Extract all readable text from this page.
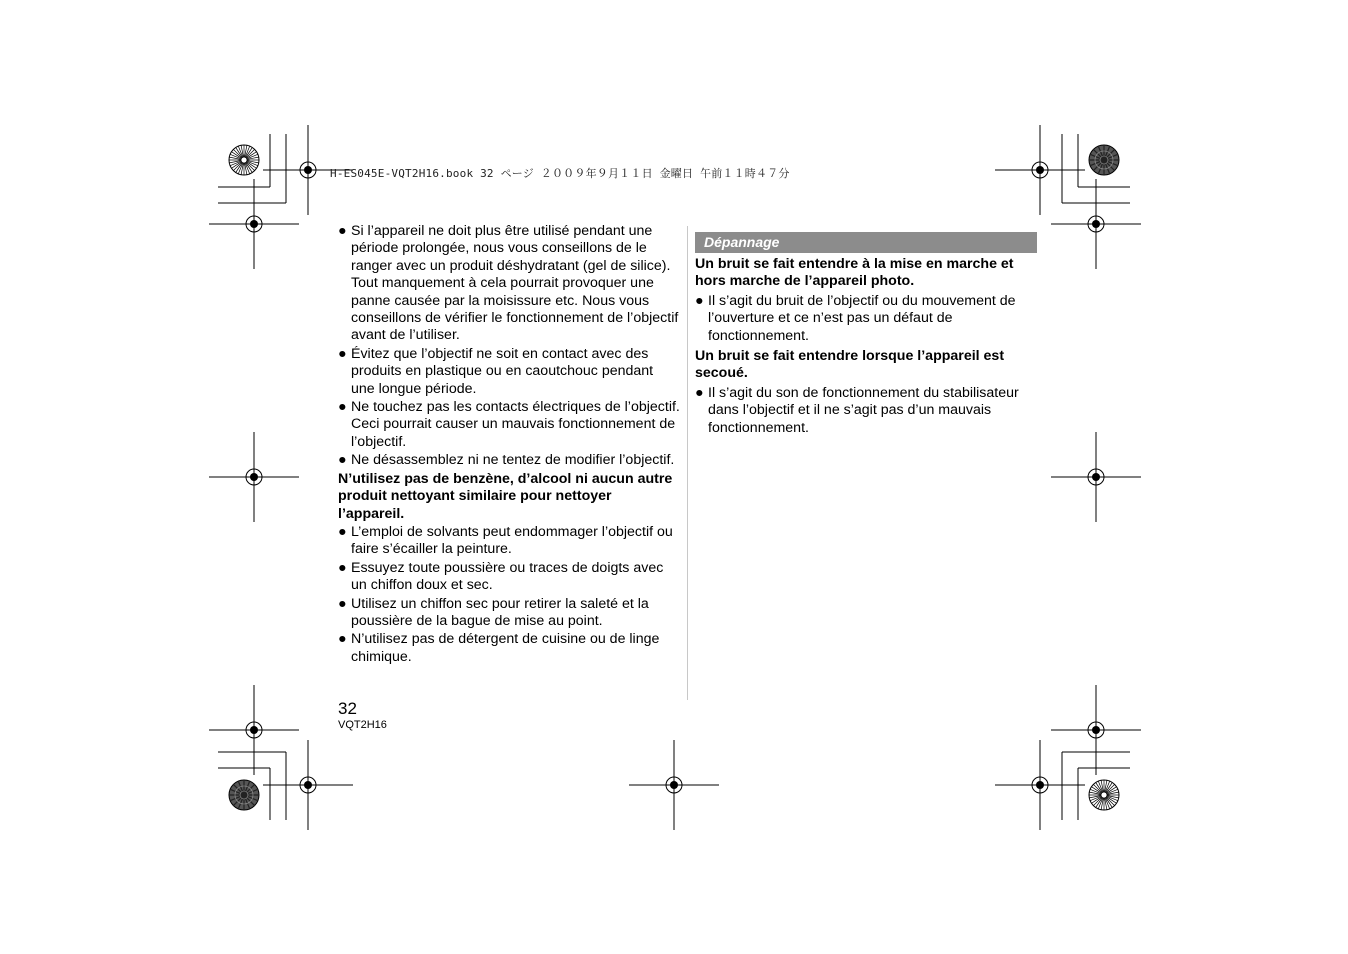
H-ES045E-VQT2H16.book 32 ページ ２００９年９月１１日 金曜日 午前１１時４７分
● Si l’appareil ne doit plus être utilisé pendant une période prolongée, nous vous conseillons de le ranger avec un produit déshydratant (gel de silice). Tout manquement à cela pourrait provoquer une panne causée par la moisissure etc. Nous vous conseillons de vérifier le fonctionnement de l’objectif avant de l’utiliser.
● Évitez que l’objectif ne soit en contact avec des produits en plastique ou en caoutchouc pendant une longue période.
● Ne touchez pas les contacts électriques de l’objectif. Ceci pourrait causer un mauvais fonctionnement de l’objectif.
● Ne désassemblez ni ne tentez de modifier l’objectif.
N’utilisez pas de benzène, d’alcool ni aucun autre produit nettoyant similaire pour nettoyer l’appareil.
● L’emploi de solvants peut endommager l’objectif ou faire s’écailler la peinture.
● Essuyez toute poussière ou traces de doigts avec un chiffon doux et sec.
● Utilisez un chiffon sec pour retirer la saleté et la poussière de la bague de mise au point.
● N’utilisez pas de détergent de cuisine ou de linge chimique.
Dépannage
Un bruit se fait entendre à la mise en marche et hors marche de l’appareil photo.
● Il s’agit du bruit de l’objectif ou du mouvement de l’ouverture et ce n’est pas un défaut de fonctionnement.
Un bruit se fait entendre lorsque l’appareil est secoué.
● Il s’agit du son de fonctionnement du stabilisateur dans l’objectif et il ne s’agit pas d’un mauvais fonctionnement.
32
VQT2H16
